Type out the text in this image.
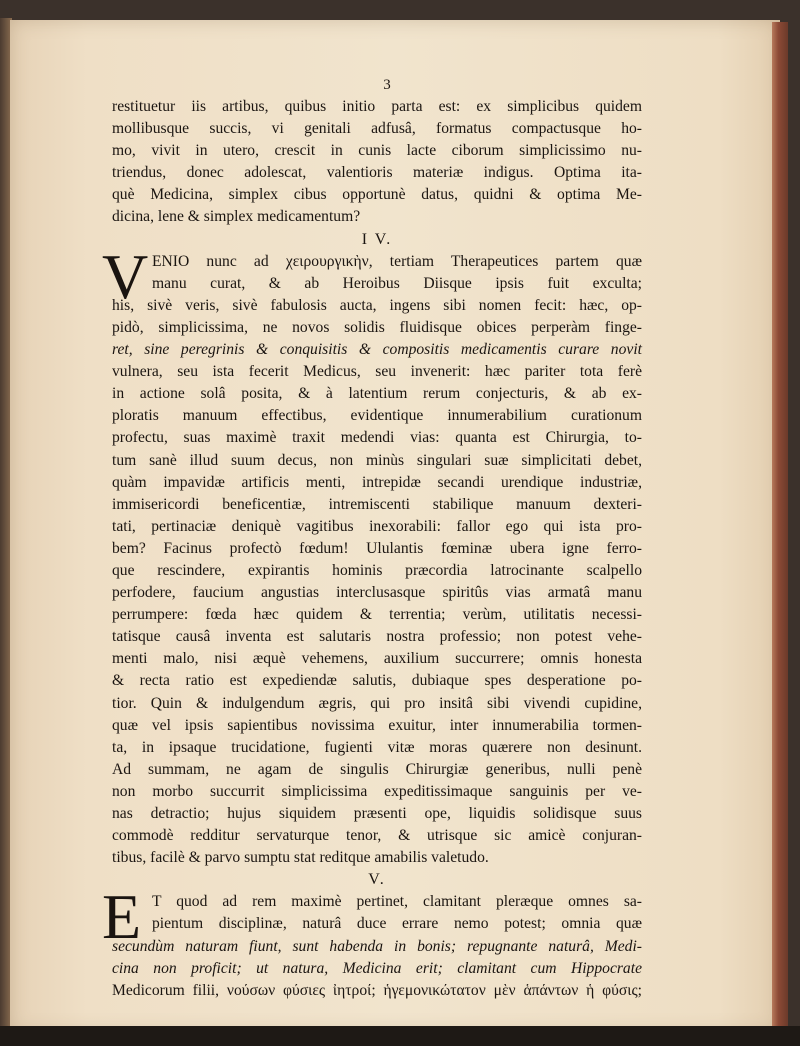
3
restituetur iis artibus, quibus initio parta est: ex simplicibus quidem
mollibusque succis, vi genitali adfusâ, formatus compactusque ho-
mo, vivit in utero, crescit in cunis lacte ciborum simplicissimo nu-
triendus, donec adolescat, valentioris materiæ indigus. Optima ita-
què Medicina, simplex cibus opportunè datus, quidni & optima Me-
dicina, lene & simplex medicamentum?
I V.
V ENIO nunc ad χειρουργικὴν, tertiam Therapeutices partem quæ
manu curat, & ab Heroibus Diisque ipsis fuit exculta;
his, sivè veris, sivè fabulosis aucta, ingens sibi nomen fecit: hæc, op-
pidò, simplicissima, ne novos solidis fluidisque obices perperàm finge-
ret, sine peregrinis & conquisitis & compositis medicamentis curare novit
vulnera, seu ista fecerit Medicus, seu invenerit: hæc pariter tota ferè
in actione solâ posita, & à latentium rerum conjecturis, & ab ex-
ploratis manuum effectibus, evidentique innumerabilium curationum
profectu, suas maximè traxit medendi vias: quanta est Chirurgia, to-
tum sanè illud suum decus, non minùs singulari suæ simplicitati debet,
quàm impavidæ artificis menti, intrepidæ secandi urendique industriæ,
immisericordi beneficentiæ, intremiscenti stabilique manuum dexteri-
tati, pertinaciæ deniquè vagitibus inexorabili: fallor ego qui ista pro-
bem? Facinus profectò fœdum! Ululantis fœminæ ubera igne ferro-
que rescindere, expirantis hominis præcordia latrocinante scalpello
perfodere, faucium angustias interclusasque spiritûs vias armatâ manu
perrumpere: fœda hæc quidem & terrentia; verùm, utilitatis necessi-
tatisque causâ inventa est salutaris nostra professio; non potest vehe-
menti malo, nisi æquè vehemens, auxilium succurrere; omnis honesta
& recta ratio est expediendæ salutis, dubiaque spes desperatione po-
tior. Quin & indulgendum ægris, qui pro insitâ sibi vivendi cupidine,
quæ vel ipsis sapientibus novissima exuitur, inter innumerabilia tormen-
ta, in ipsaque trucidatione, fugienti vitæ moras quærere non desinunt.
Ad summam, ne agam de singulis Chirurgiæ generibus, nulli penè
non morbo succurrit simplicissima expeditissimaque sanguinis per ve-
nas detractio; hujus siquidem præsenti ope, liquidis solidisque suus
commodè redditur servaturque tenor, & utrisque sic amicè conjuran-
tibus, facilè & parvo sumptu stat reditque amabilis valetudo.
V.
E T quod ad rem maximè pertinet, clamitant pleræque omnes sa-
pientum disciplinæ, naturâ duce errare nemo potest; omnia quæ
secundùm naturam fiunt, sunt habenda in bonis; repugnante naturâ, Medi-
cina non proficit; ut natura, Medicina erit; clamitant cum Hippocrate
Medicorum filii, νούσων φύσιες ἰητροί; ἡγεμονικώτατον μὲν ἁπάντων ἡ φύσις;
